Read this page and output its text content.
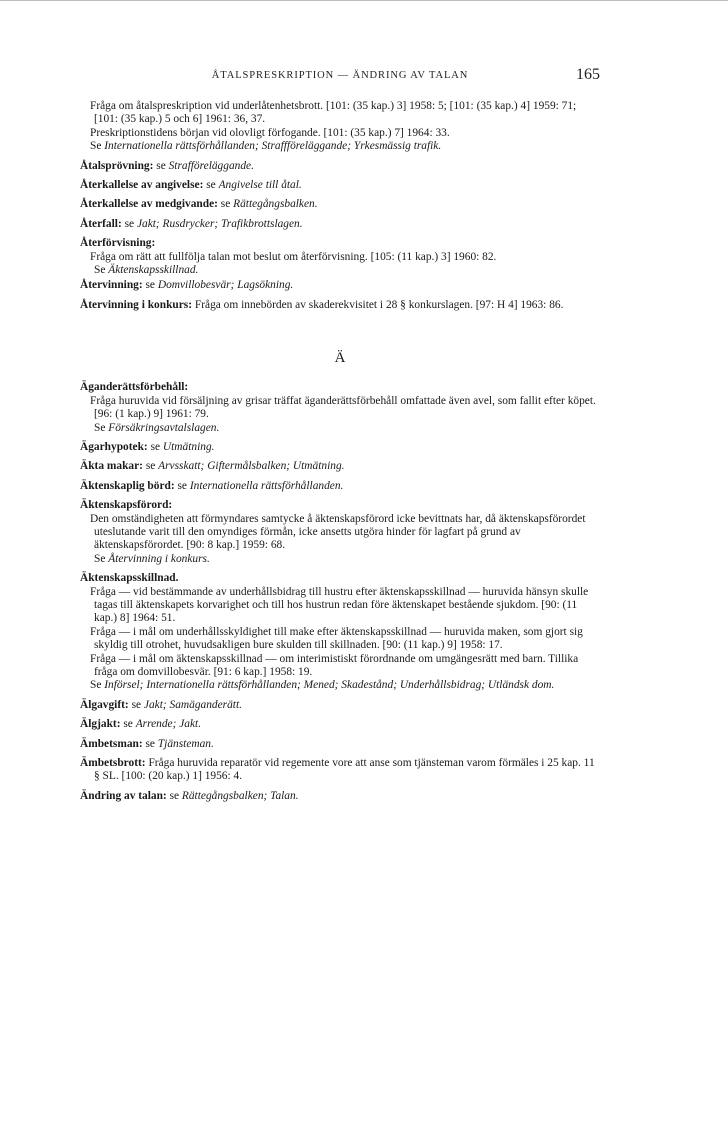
ÅTALSPRESKRIPTION — ÄNDRING AV TALAN	165
Fråga om åtalspreskription vid underlåtenhetsbrott. [101: (35 kap.) 3] 1958: 5; [101: (35 kap.) 4] 1959: 71; [101: (35 kap.) 5 och 6] 1961: 36, 37.
Preskriptionstidens början vid olovligt förfogande. [101: (35 kap.) 7] 1964: 33.
Se Internationella rättsförhållanden; Straffföreläggande; Yrkesmässig trafik.
Åtalsprövning: se Strafföreläggande.
Återkallelse av angivelse: se Angivelse till åtal.
Återkallelse av medgivande: se Rättegångsbalken.
Återfall: se Jakt; Rusdrycker; Trafikbrottslagen.
Återförvisning:
Fråga om rätt att fullfölja talan mot beslut om återförvisning. [105: (11 kap.) 3] 1960: 82.
Se Äktenskapsskillnad.
Återvinning: se Domvillobesvär; Lagsökning.
Återvinning i konkurs: Fråga om innebörden av skaderekvisitet i 28 § konkurslagen. [97: H 4] 1963: 86.
Ä
Äganderättsförbehåll:
Fråga huruvida vid försäljning av grisar träffat äganderättsförbehåll omfattade även avel, som fallit efter köpet. [96: (1 kap.) 9] 1961: 79.
Se Försäkringsavtalslagen.
Ägarhypotek: se Utmätning.
Äkta makar: se Arvsskatt; Giftermålsbalken; Utmätning.
Äktenskaplig börd: se Internationella rättsförhållanden.
Äktenskapsförord:
Den omständigheten att förmyndares samtycke å äktenskapsförord icke bevittnats har, då äktenskapsförordet uteslutande varit till den omyndiges förmån, icke ansetts utgöra hinder för lagfart på grund av äktenskapsförordet. [90: 8 kap.] 1959: 68.
Se Återvinning i konkurs.
Äktenskapsskillnad.
Fråga — vid bestämmande av underhållsbidrag till hustru efter äktenskapsskillnad — huruvida hänsyn skulle tagas till äktenskapets korvarighet och till hos hustrun redan före äktenskapet bestående sjukdom. [90: (11 kap.) 8] 1964: 51.
Fråga — i mål om underhållsskyldighet till make efter äktenskapsskillnad — huruvida maken, som gjort sig skyldig till otrohet, huvudsakligen bure skulden till skillnaden. [90: (11 kap.) 9] 1958: 17.
Fråga — i mål om äktenskapsskillnad — om interimistiskt förordnande om umgängesrätt med barn. Tillika fråga om domvillobesvär. [91: 6 kap.] 1958: 19.
Se Införsel; Internationella rättsförhållanden; Mened; Skadestånd; Underhållsbidrag; Utländsk dom.
Älgavgift: se Jakt; Samäganderätt.
Älgjakt: se Arrende; Jakt.
Ämbetsman: se Tjänsteman.
Ämbetsbrott: Fråga huruvida reparatör vid regemente vore att anse som tjänsteman varom förmäles i 25 kap. 11 § SL. [100: (20 kap.) 1] 1956: 4.
Ändring av talan: se Rättegångsbalken; Talan.
